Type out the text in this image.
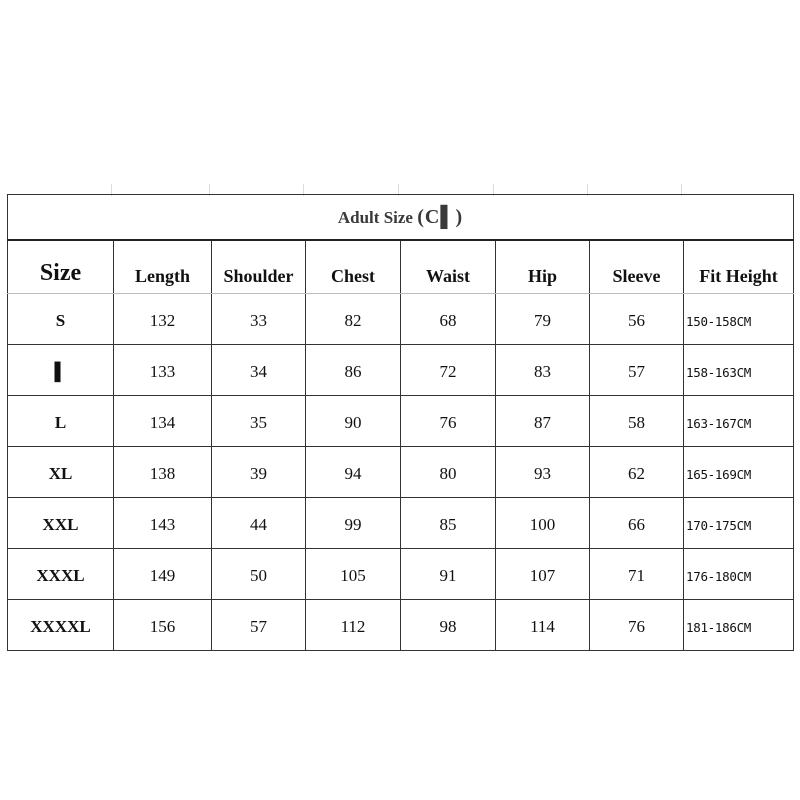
Adult Size (C▌)							
Size	Length	Shoulder	Chest	Waist	Hip	Sleeve	Fit Height
S	132	33	82	68	79	56	150-158CM
▌	133	34	86	72	83	57	158-163CM
L	134	35	90	76	87	58	163-167CM
XL	138	39	94	80	93	62	165-169CM
XXL	143	44	99	85	100	66	170-175CM
XXXL	149	50	105	91	107	71	176-180CM
XXXXL	156	57	112	98	114	76	181-186CM
